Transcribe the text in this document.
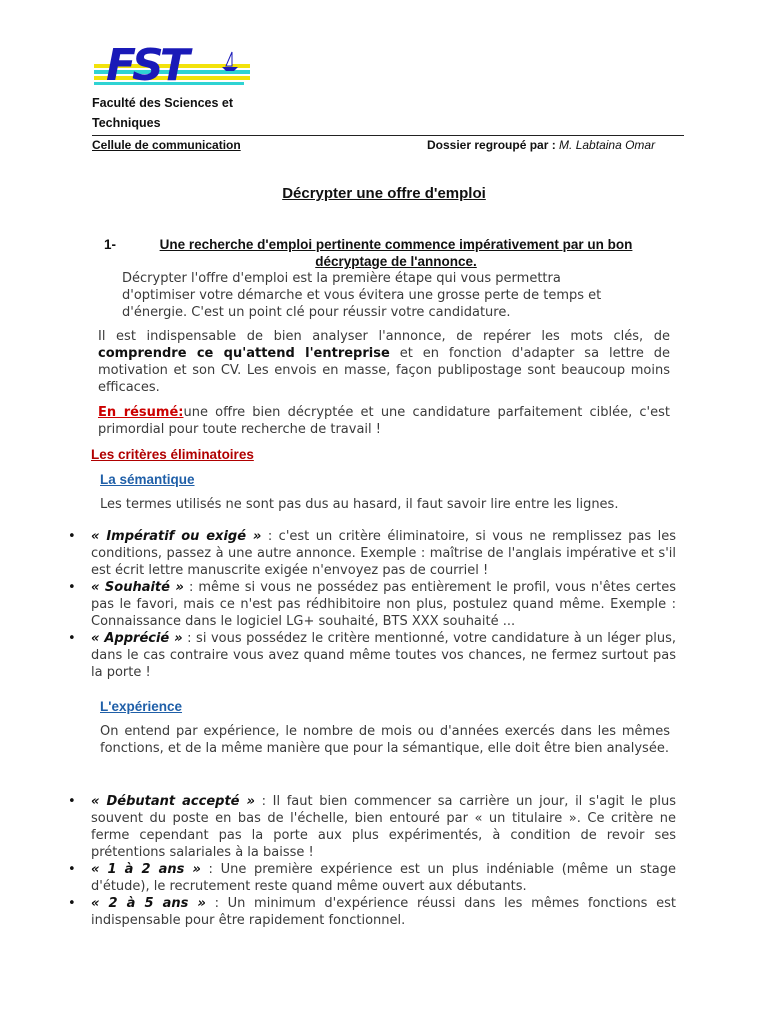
FST
Faculté des Sciences et
Techniques
Cellule de communication	Dossier regroupé par : M. Labtaina Omar
Décrypter une offre d'emploi
1-	Une recherche d'emploi pertinente commence impérativement par un bon décryptage de l'annonce.
Décrypter l'offre d'emploi est la première étape qui vous permettra d'optimiser votre démarche et vous évitera une grosse perte de temps et d'énergie. C'est un point clé pour réussir votre candidature.
Il est indispensable de bien analyser l'annonce, de repérer les mots clés, de comprendre ce qu'attend l'entreprise et en fonction d'adapter sa lettre de motivation et son CV. Les envois en masse, façon publipostage sont beaucoup moins efficaces.
En résumé:une offre bien décryptée et une candidature parfaitement ciblée, c'est primordial pour toute recherche de travail !
Les critères éliminatoires
La sémantique
Les termes utilisés ne sont pas dus au hasard, il faut savoir lire entre les lignes.
• « Impératif ou exigé » : c'est un critère éliminatoire, si vous ne remplissez pas les conditions, passez à une autre annonce. Exemple : maîtrise de l'anglais impérative et s'il est écrit lettre manuscrite exigée n'envoyez pas de courriel !
• « Souhaité » : même si vous ne possédez pas entièrement le profil, vous n'êtes certes pas le favori, mais ce n'est pas rédhibitoire non plus, postulez quand même. Exemple : Connaissance dans le logiciel LG+ souhaité, BTS XXX souhaité ...
• « Apprécié » : si vous possédez le critère mentionné, votre candidature à un léger plus, dans le cas contraire vous avez quand même toutes vos chances, ne fermez surtout pas la porte !
L'expérience
On entend par expérience, le nombre de mois ou d'années exercés dans les mêmes fonctions, et de la même manière que pour la sémantique, elle doit être bien analysée.
• « Débutant accepté » : Il faut bien commencer sa carrière un jour, il s'agit le plus souvent du poste en bas de l'échelle, bien entouré par « un titulaire ». Ce critère ne ferme cependant pas la porte aux plus expérimentés, à condition de revoir ses prétentions salariales à la baisse !
• « 1 à 2 ans » : Une première expérience est un plus indéniable (même un stage d'étude), le recrutement reste quand même ouvert aux débutants.
• « 2 à 5 ans » : Un minimum d'expérience réussi dans les mêmes fonctions est indispensable pour être rapidement fonctionnel.
